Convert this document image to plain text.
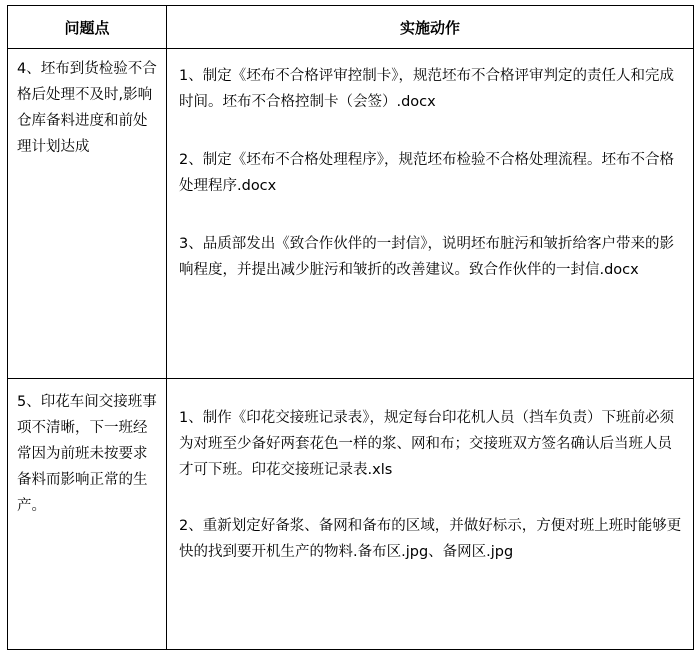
问题点	实施动作
4、坯布到货检验不合格后处理不及时,影响仓库备料进度和前处理计划达成	1、制定《坯布不合格评审控制卡》，规范坯布不合格评审判定的责任人和完成时间。坯布不合格控制卡（会签）.docx

2、制定《坯布不合格处理程序》，规范坯布检验不合格处理流程。坯布不合格处理程序.docx

3、品质部发出《致合作伙伴的一封信》，说明坯布脏污和皱折给客户带来的影响程度，并提出减少脏污和皱折的改善建议。致合作伙伴的一封信.docx

5、印花车间交接班事项不清晰，下一班经常因为前班未按要求备料而影响正常的生产。	1、制作《印花交接班记录表》，规定每台印花机人员（挡车负责）下班前必须为对班至少备好两套花色一样的浆、网和布；交接班双方签名确认后当班人员才可下班。印花交接班记录表.xls

2、重新划定好备浆、备网和备布的区域，并做好标示，方便对班上班时能够更快的找到要开机生产的物料.备布区.jpg、备网区.jpg
